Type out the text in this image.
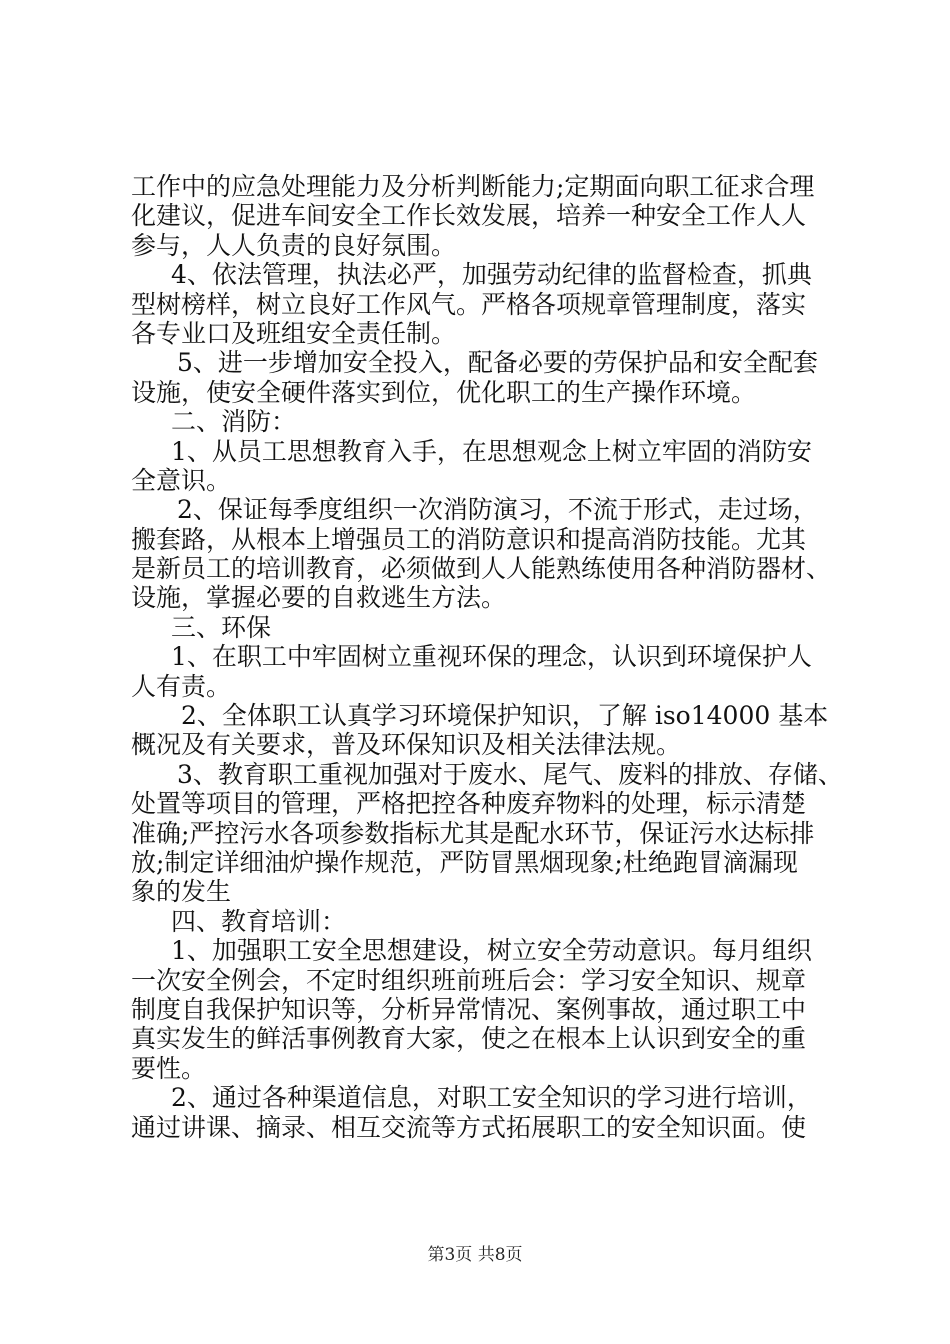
工作中的应急处理能力及分析判断能力;定期面向职工征求合理
化建议，促进车间安全工作长效发展，培养一种安全工作人人
参与，人人负责的良好氛围。
4、依法管理，执法必严，加强劳动纪律的监督检查，抓典
型树榜样，树立良好工作风气。严格各项规章管理制度，落实
各专业口及班组安全责任制。
5、进一步增加安全投入，配备必要的劳保护品和安全配套
设施，使安全硬件落实到位，优化职工的生产操作环境。
二、消防：
1、从员工思想教育入手，在思想观念上树立牢固的消防安
全意识。
2、保证每季度组织一次消防演习，不流于形式，走过场，
搬套路，从根本上增强员工的消防意识和提高消防技能。尤其
是新员工的培训教育，必须做到人人能熟练使用各种消防器材、
设施，掌握必要的自救逃生方法。
三、环保
1、在职工中牢固树立重视环保的理念，认识到环境保护人
人有责。
2、全体职工认真学习环境保护知识，了解 iso14000 基本
概况及有关要求，普及环保知识及相关法律法规。
3、教育职工重视加强对于废水、尾气、废料的排放、存储、
处置等项目的管理，严格把控各种废弃物料的处理，标示清楚
准确;严控污水各项参数指标尤其是配水环节，保证污水达标排
放;制定详细油炉操作规范，严防冒黑烟现象;杜绝跑冒滴漏现
象的发生
四、教育培训：
1、加强职工安全思想建设，树立安全劳动意识。每月组织
一次安全例会，不定时组织班前班后会：学习安全知识、规章
制度自我保护知识等，分析异常情况、案例事故，通过职工中
真实发生的鲜活事例教育大家，使之在根本上认识到安全的重
要性。
2、通过各种渠道信息，对职工安全知识的学习进行培训，
通过讲课、摘录、相互交流等方式拓展职工的安全知识面。使
第3页 共8页
